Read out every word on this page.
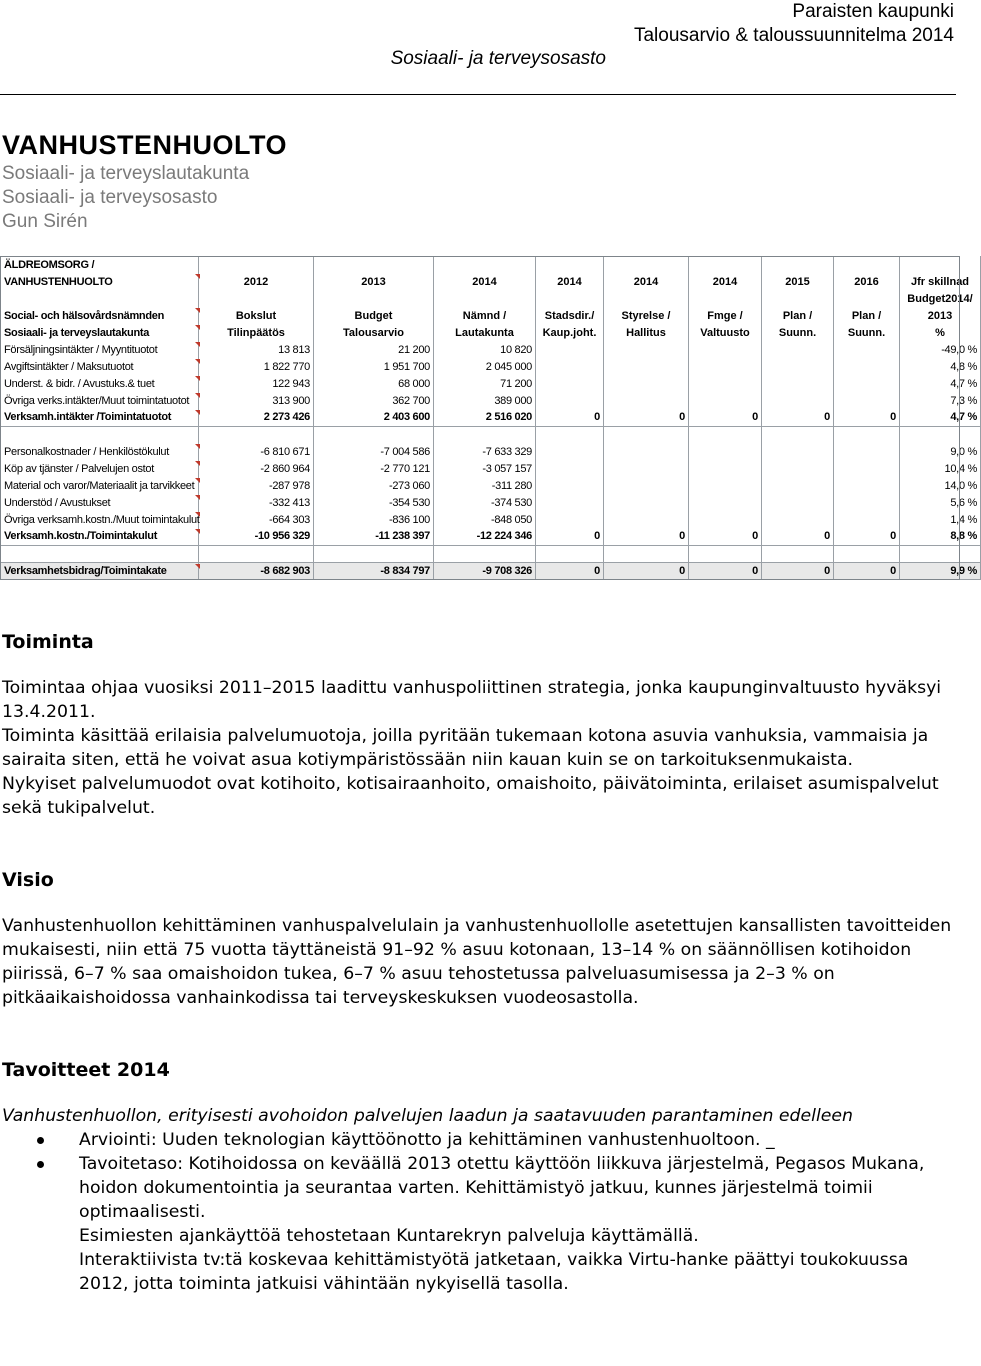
Paraisten kaupunki
Talousarvio & taloussuunnitelma 2014
Sosiaali- ja terveysosasto
VANHUSTENHUOLTO
Sosiaali- ja terveyslautakunta
Sosiaali- ja terveysosasto
Gun Sirén
ÄLDREOMSORG /									
VANHUSTENHUOLTO	2012	2013	2014	2014	2014	2014	2015	2016	Jfr skillnad
									Budget2014/
Social- och hälsovårdsnämnden	Bokslut	Budget	Nämnd /	Stadsdir./	Styrelse /	Fmge /	Plan /	Plan /	2013
Sosiaali- ja terveyslautakunta	Tilinpäätös	Talousarvio	Lautakunta	Kaup.joht.	Hallitus	Valtuusto	Suunn.	Suunn.	%
Försäljningsintäkter / Myyntituotot	13 813	21 200	10 820						-49,0 %
Avgiftsintäkter / Maksutuotot	1 822 770	1 951 700	2 045 000						4,8 %
Underst. & bidr. / Avustuks.& tuet	122 943	68 000	71 200						4,7 %
Övriga verks.intäkter/Muut toimintatuotot	313 900	362 700	389 000						7,3 %
Verksamh.intäkter /Toimintatuotot	2 273 426	2 403 600	2 516 020	0	0	0	0	0	4,7 %

Personalkostnader / Henkilöstökulut	-6 810 671	-7 004 586	-7 633 329						9,0 %
Köp av tjänster / Palvelujen ostot	-2 860 964	-2 770 121	-3 057 157						10,4 %
Material och varor/Materiaalit ja tarvikkeet	-287 978	-273 060	-311 280						14,0 %
Understöd / Avustukset	-332 413	-354 530	-374 530						5,6 %
Övriga verksamh.kostn./Muut toimintakulut	-664 303	-836 100	-848 050						1,4 %
Verksamh.kostn./Toimintakulut	-10 956 329	-11 238 397	-12 224 346	0	0	0	0	0	8,8 %

Verksamhetsbidrag/Toimintakate	-8 682 903	-8 834 797	-9 708 326	0	0	0	0	0	9,9 %
Toiminta

Toimintaa ohjaa vuosiksi 2011–2015 laadittu vanhuspoliittinen strategia, jonka kaupunginvaltuusto hyväksyi 13.4.2011.

Toiminta käsittää erilaisia palvelumuotoja, joilla pyritään tukemaan kotona asuvia vanhuksia, vammaisia ja sairaita siten, että he voivat asua kotiympäristössään niin kauan kuin se on tarkoituksenmukaista.

Nykyiset palvelumuodot ovat kotihoito, kotisairaanhoito, omaishoito, päivätoiminta, erilaiset asumispalvelut sekä tukipalvelut.

Visio

Vanhustenhuollon kehittäminen vanhuspalvelulain ja vanhustenhuollolle asetettujen kansallisten tavoitteiden mukaisesti, niin että 75 vuotta täyttäneistä 91–92 % asuu kotonaan, 13–14 % on säännöllisen kotihoidon piirissä, 6–7 % saa omaishoidon tukea, 6–7 % asuu tehostetussa palveluasumisessa ja 2–3 % on pitkäaikaishoidossa vanhainkodissa tai terveyskeskuksen vuodeosastolla.

Tavoitteet 2014

Vanhustenhuollon, erityisesti avohoidon palvelujen laadun ja saatavuuden parantaminen edelleen

Arviointi: Uuden teknologian käyttöönotto ja kehittäminen vanhustenhuoltoon. _
Tavoitetaso: Kotihoidossa on keväällä 2013 otettu käyttöön liikkuva järjestelmä, Pegasos Mukana, hoidon dokumentointia ja seurantaa varten. Kehittämistyö jatkuu, kunnes järjestelmä toimii optimaalisesti.

Esimiesten ajankäyttöä tehostetaan Kuntarekryn palveluja käyttämällä.

Interaktiivista tv:tä koskevaa kehittämistyötä jatketaan, vaikka Virtu-hanke päättyi toukokuussa 2012, jotta toiminta jatkuisi vähintään nykyisellä tasolla.
